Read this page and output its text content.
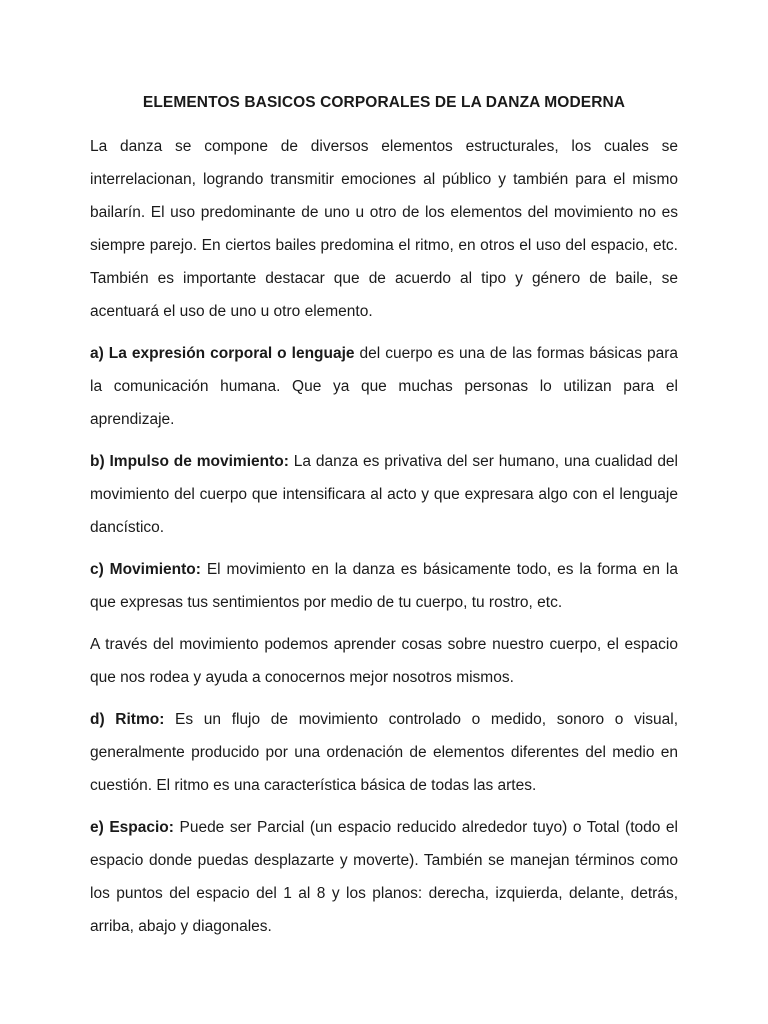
ELEMENTOS BASICOS CORPORALES DE LA DANZA MODERNA

La danza se compone de diversos elementos estructurales, los cuales se interrelacionan, logrando transmitir emociones al público y también para el mismo bailarín. El uso predominante de uno u otro de los elementos del movimiento no es siempre parejo. En ciertos bailes predomina el ritmo, en otros el uso del espacio, etc. También es importante destacar que de acuerdo al tipo y género de baile, se acentuará el uso de uno u otro elemento.

a) La expresión corporal o lenguaje del cuerpo es una de las formas básicas para la comunicación humana. Que ya que muchas personas lo utilizan para el aprendizaje.

b) Impulso de movimiento: La danza es privativa del ser humano, una cualidad del movimiento del cuerpo que intensificara al acto y que expresara algo con el lenguaje dancístico.

c) Movimiento: El movimiento en la danza es básicamente todo, es la forma en la que expresas tus sentimientos por medio de tu cuerpo, tu rostro, etc.

A través del movimiento podemos aprender cosas sobre nuestro cuerpo, el espacio que nos rodea y ayuda a conocernos mejor nosotros mismos.

d) Ritmo: Es un flujo de movimiento controlado o medido, sonoro o visual, generalmente producido por una ordenación de elementos diferentes del medio en cuestión. El ritmo es una característica básica de todas las artes.

e) Espacio: Puede ser Parcial (un espacio reducido alrededor tuyo) o Total (todo el espacio donde puedas desplazarte y moverte). También se manejan términos como los puntos del espacio del 1 al 8 y los planos: derecha, izquierda, delante, detrás, arriba, abajo y diagonales.
